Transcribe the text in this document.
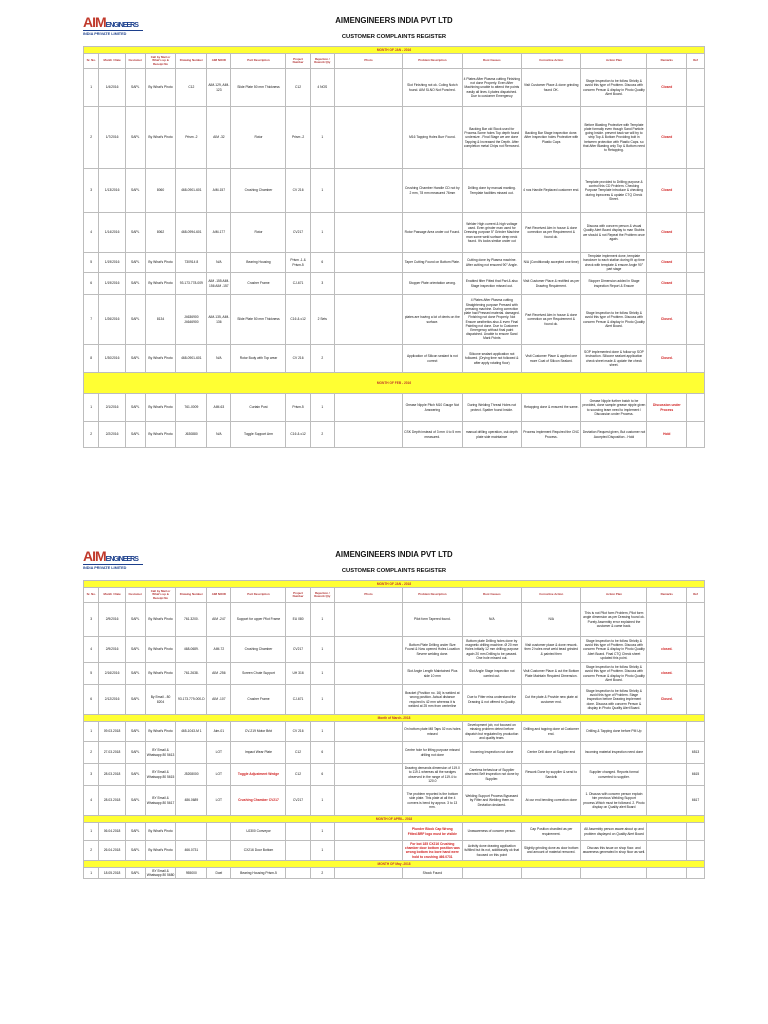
AIMENGINEERS
INDIA PRIVATE LIMITED
AIMENGINEERS INDIA PVT LTD
CUSTOMER COMPLAINTS REGISTER
MONTH OF JAN - 2016															
Sr. No.	Month / Date	Customer	Call by Mail or What's up & Receipt No	Drawing Number	AIM NO/ID	Part Description	Project Number	Rejection / Rework Qty	Photo	Problem Description	Root Causes	Corrective Action	Action Plan	Remarks	Ref
1	1/4/2016	SAPL	By What's Photo	C12	AIM-129, AIM-123	Slide Plate 50 mm Thickness	C12	4 NOS		Slot Finishing not ok. Coling Notch found. AIM SLNO Not Punched.	4 Plates After Plasma cutting Finishing not done Properly. Even After Machining unable to attend the points easily all lines 4 plates dispatched. Due to customer Emergency	Visit Customer Place & done grinding found OK.	Stage Inspection to be follow Strictly & avoid this type of Problem. Discuss with concern Person & display in Photo Quality Alert Board.	Closed	
2	1/7/2016	SAPL	By What's Photo	Prism -2	AIM -32	Rotor	Prism -2	1		M16 Tapping Holes Burr Found.	Backing Bar old Stock used for Process.Some holes Top depth found undersize . Final Stage we are done Tapping & Increased the Depth. After completion metal Chips not Removed.	Backing Bar Stage inspection done. After Inspection holes Protective with Plastic Caps	Before Blasting Protective with Template plate formally even though Sand Particle going Inside. prevent back we will try to strip Top & Bottom Providing bolt in between protection with Plastic Caps. so that After Blasting only Top & Bottom need to Retapping.	Closed	
3	1/13/2016	SAPL	8060	468-0901-601	AIM-157	Crushing Chamber	CV 216	1		Crushing Chamber Handle CD not by 2 mm, 78 mm measured 76mm	Drilling done by manual marking. Template facilities missed out.	4 nos Handle Replaced customer end.	Template provided to Drilling purpose & control this CD Problem. Checking Purpose Template introduce & checking during Inprocess & update CTQ Check Sheet.	Closed	
4	1/14/2016	SAPL	8062	468-0994-601	AIM-177	Rotor	CV217	1		Rotor Passage Area under cut Found.	Welder High current & high voltage used. Even grinder man used for Dressing purpose 5" Grinder Machine man some weld surface deep neck found. It's looks similar under cut	Part Received Aim in house & done correction as per Requirement & found ok.	Discuss with concern person & visual Quality Alert Board display to man Stubbs we should & not Repeat the Problem once again.	Closed	
5	1/19/2016	SAPL	By What's Photo	730914 8	N/A	Bearing Housing	Prism -1 & Prism-5	6		Taper Cutting Found on Bottom Plate.	Cutting done by Plasma machine. After cutting not ensured 90° Angle.	N/A (Conditionally accepted one time)	Template implement done, template handover to each station during fit up time check with template & ensure Angle 90° part stage	Closed	
6	1/19/2016	SAPL	By What's Photo	93.173.778-009	AIM -155 AIM-156 AIM -157	Crusher Frame	CJ-671	3		Stopper Plate orientation wrong.	Enabled filter Fitted that Part & also Stage inspection missed out.	Visit Customer Place & rectified as per Drawing Requirment.	Stopper Dimension added in Stage inspection Report & Ensure	Closed	
7	1/26/2016	SAPL	8134	J4636900 J4646900	AIM-135, AIM-136	Slide Plate 50 mm Thickness	C16 & c12	2 Sets		plates are having a lot of dents on the surface.	4 Plates After Plasma cutting Straightening purpose Pressed with pressing machine. During correction plate had Pressed material. damaged. Finishing not done Properly. Not Ensure aesthetics also & even Final Painting not done. Due to Customer Emergency without final paint dispatched. Unable to ensure Sand Mark Points	Part Received Aim in house & done correction as per Requirement & found ok.	Stage Inspection to be follow Strictly & avoid this type of Problem. Discuss with concern Person & display in Photo Quality Alert Board.	Closed.	
8	1/30/2016	SAPL	By What's Photo	468-0901-601	N/A	Rotor Body with Top wear	CV 216	2		Application of Silicon sealant is not correct	Silicone sealant application not followed. (Drying time not followed & after apply rotating floor)	Visit Customer Place & applied one more Coat of Silicon Sealant.	SOP implemented done & follow up SOP instruction. Silicone sealant application check sheet made & update the check sheet.	Closed.	
MONTH OF FEB - 2016															
1	2/1/2016	SAPL	By What's Photo	761-0009	AIM-63	Curtain Post	Prism-5	1		Grease Nipple Pitch M10 Gauge Not Answering	During Welding Thread Holes not protect. Spatter found Inside.	Retapping done & ensured the same.	Grease Nipple further batch to be provided, done sample grease nipple given to sourcing team need to implement / Discussion under Process.	Discussion under Process	
2	2/2/2016	SAPL	By What's Photo	J630880	N/A	Toggle Support Arm	C16 & c12	2		CSK Depth instead of 3 mm 4 to 5 mm measured.	manual drilling operation, csk depth plate side maintaince	Process implement Required the CNC Process.	Deviation Request given, But customer not Accepted Disposition - Hold	Hold	
AIMENGINEERS
INDIA PRIVATE LIMITED
AIMENGINEERS INDIA PVT LTD
CUSTOMER COMPLAINTS REGISTER
MONTH OF JAN - 2018															
Sr. No.	Month / Date	Customer	Call by Mail or What's up & Receipt No	Drawing Number	AIM NO/ID	Part Description	Project Number	Rejection / Rework Qty	Photo	Problem Description	Root Causes	Corrective Action	Action Plan	Remarks	Ref
3	2/9/2016	SAPL	By What's Photo	761.3200.	AIM -247	Support for upper Pilot Frame	EU 080	1		Pilot form Tapered found.	N/A	N/A	This is not Pilot form Problem, Pilot form angle dimension as per Drawing found ok. Purely Assembly error explained the customer & came back.		
4	2/9/2016	SAPL	By What's Photo	468-0689.	AIM-72	Crushing Chamber	CV217	1		Bottom Plate Drilling under Size Found & Now opened Holes Location Severe welding done.	Bottom plate Drilling holes done by magnetic drilling machine. Ø 20 mm Holes initially 12 mm drilling purpose again 20 mm Drilling to be passed. One hole missed out.	Visit customer place & done rework. then 2 holes newl weld bead grinded & painted then	Stage Inspection to be follow Strictly & avoid this type of Problem. Discuss with concern Person & display in Photo Quality Alert Board. Final CTQ Check sheet updated this point.	closed.	
5	2/16/2016	SAPL	By What's Photo	761.2638.	AIM -256	Screen Chute Support	UH 316	1		Slot Angle Length Maintained Plus side 10 mm	Slot Angle Stage inspection not carried out.	Visit Customer Place & cut the Bottom Plate Maintain Required Dimension.	Stage Inspection to be follow Strictly & avoid this type of Problem. Discuss with concern Person & display in Photo Quality Alert Board.	closed.	
6	2/12/2016	SAPL	By Email - 80 8204	93.173.779-000-D	AIM -107	Crusher Frame	CJ-671	1		Bracket (Position no. 16) is welded at wrong position. Actual distance required is 42 mm whereas it is welded at 25 mm from centerline	Due to Fitter miss understand the Drawing & not offered to Quality.	Cut the plate & Provide new plate at customer end.	Stage Inspection to be follow Strictly & avoid this type of Problem. Stage Inspection before Drawing implement done. Discuss with concern Person & display in Photo Quality Alert Board.	Closed.	
Month of March- 2018															
1	09.03.2018	SAPL	By What's Photo	465-1043-M 1	Aim-01	CV-219 Motor Brkt	CV 216	1		On bottom plate M8 Taps 02 nos holes missed	Development job, not focused on missing problem detect before dispatch but regulated by production and quality team.	Drilling and tapping done at Customer end.	Drilling & Tapping done before PM Up		
2	27.03.2018	SAPL	BY Email & Whatsapp 80 5613		LOT	Impact Wear Plate	C12	6		Centre hole for lifting purpose missed drilling not done	Incoming Inspection not done	Centre Drill done at Supplier end	Incoming material inspection need done		6513
3	28.03.2018	SAPL	BY Email & Whatsapp 80 5615	J5208000	LOT	Toggle Adjustment Wedge	C12	6		Drawing demands dimension of 119.0 to 119.1 whereas all the wedges observed in the range of 119.4 to 120.0	Careless behaviour of Supplier observed.Self inspection not done by Supplier.	Rework Done by supplier & send to Sandvik	Supplier changed. Reports formal converted to supplier.		6615
4	28.03.2018	SAPL	BY Email & Whatsapp 80 5617	486.0689	LOT	Crushing Chamber CV217	CV217	1		The problem reported is the bottom side plate. This plate at all the 4 corners is bend by approx. 3 to 13 mm.	Welding Support Process Bypassed by Fitter and Welding them.no Deviation declared.	At our end bending correction done	1. Discuss with concern person explain him previous Welding Support process.Which must be followed. 2. Photo display on Quality alert Board		6617
MONTH OF APRIL- 2018															
1	06.04.2018	SAPL	By What's Photo			UJ300 Conveyor		1		Plunder Block Cap Wrong Fitted.BRF logo must be visible	Unawareness of concern person.	Cap Position chardled as per requirement.	All Assembly person aware about cp and problem displayed on Quality Alert Board		
2	26.04.2018	SAPL	By What's Photo	466.0731		CX216 Door Bottom		1		For bot 185 CX216 Crushing chamber door bottom position was wrong bottom inc bore hand were hold to crushing 466.0731	Activity done drawing application fulfilled but its not, additionally ok that focused on this point	Slightly grinding done as door bottom and amount of material removed.	Discuss this issue on shop floor. and awareness generated in shop floor as well.		
MONTH OF May -2018															
1	18.05.2018	SAPL	BY Email & Whatsapp 80 5680	955000	Doel	Bearing Housing Prism-5		2		Shock Found					
